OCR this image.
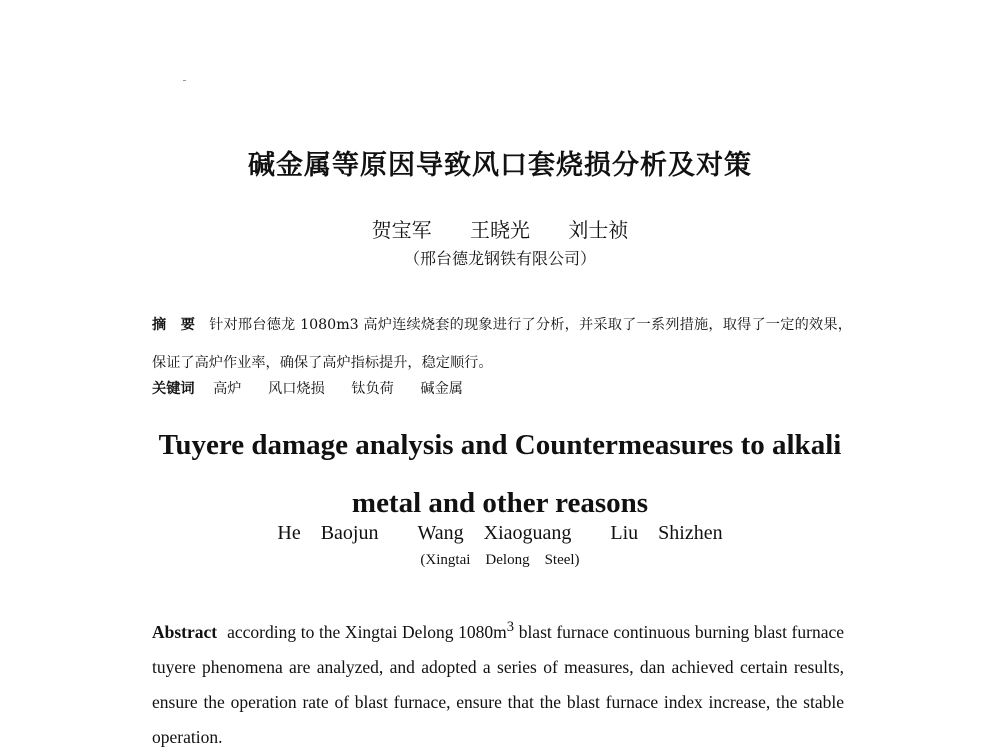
碱金属等原因导致风口套烧损分析及对策
贺宝军 王晓光 刘士祯
（邢台德龙钢铁有限公司）
摘　要 针对邢台德龙 1080m3 高炉连续烧套的现象进行了分析，并采取了一系列措施，取得了一定的效果，保证了高炉作业率，确保了高炉指标提升，稳定顺行。
关键词 高炉 风口烧损 钛负荷 碱金属
Tuyere damage analysis and Countermeasures to alkali
metal and other reasons
He　Baojun Wang　Xiaoguang Liu　Shizhen
(Xingtai　Delong　Steel)
Abstract according to the Xingtai Delong $1080m^3$ blast furnace continuous burning blast furnace tuyere phenomena are analyzed, and adopted a series of measures, dan achieved certain results, ensure the operation rate of blast furnace, ensure that the blast furnace index increase, the stable operation.
